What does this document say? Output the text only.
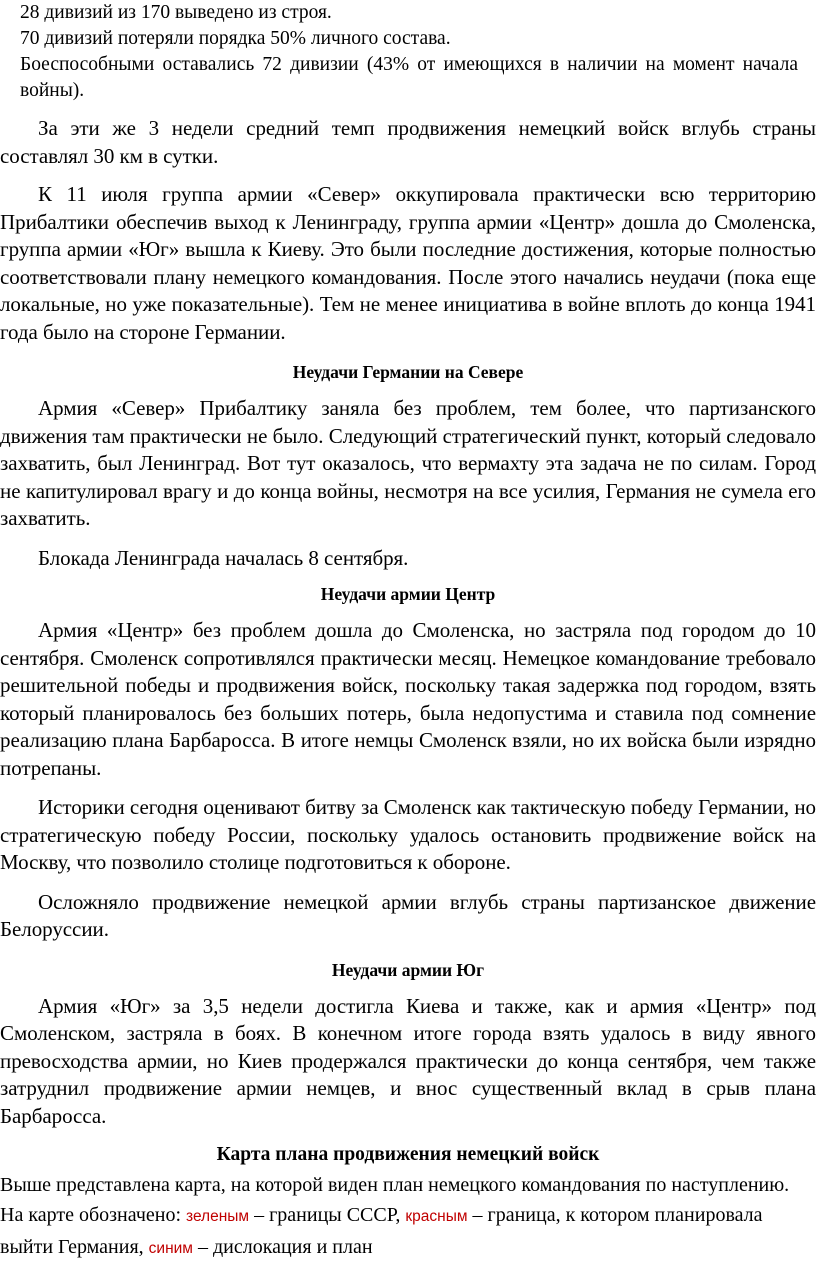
28 дивизий из 170 выведено из строя.

70 дивизий потеряли порядка 50% личного состава.

Боеспособными оставались 72 дивизии (43% от имеющихся в наличии на момент начала войны).

За эти же 3 недели средний темп продвижения немецкий войск вглубь страны составлял 30 км в сутки.

К 11 июля группа армии «Север» оккупировала практически всю территорию Прибалтики обеспечив выход к Ленинграду, группа армии «Центр» дошла до Смоленска, группа армии «Юг» вышла к Киеву. Это были последние достижения, которые полностью соответствовали плану немецкого командования. После этого начались неудачи (пока еще локальные, но уже показательные). Тем не менее инициатива в войне вплоть до конца 1941 года было на стороне Германии.

Неудачи Германии на Севере

Армия «Север» Прибалтику заняла без проблем, тем более, что партизанского движения там практически не было. Следующий стратегический пункт, который следовало захватить, был Ленинград. Вот тут оказалось, что вермахту эта задача не по силам. Город не капитулировал врагу и до конца войны, несмотря на все усилия, Германия не сумела его захватить.

Блокада Ленинграда началась 8 сентября.

Неудачи армии Центр

Армия «Центр» без проблем дошла до Смоленска, но застряла под городом до 10 сентября. Смоленск сопротивлялся практически месяц. Немецкое командование требовало решительной победы и продвижения войск, поскольку такая задержка под городом, взять который планировалось без больших потерь, была недопустима и ставила под сомнение реализацию плана Барбаросса. В итоге немцы Смоленск взяли, но их войска были изрядно потрепаны.

Историки сегодня оценивают битву за Смоленск как тактическую победу Германии, но стратегическую победу России, поскольку удалось остановить продвижение войск на Москву, что позволило столице подготовиться к обороне.

Осложняло продвижение немецкой армии вглубь страны партизанское движение Белоруссии.

Неудачи армии Юг

Армия «Юг» за 3,5 недели достигла Киева и также, как и армия «Центр» под Смоленском, застряла в боях. В конечном итоге города взять удалось в виду явного превосходства армии, но Киев продержался практически до конца сентября, чем также затруднил продвижение армии немцев, и внос существенный вклад в срыв плана Барбаросса.

Карта плана продвижения немецкий войск

Выше представлена карта, на которой виден план немецкого командования по наступлению. На карте обозначено: зеленым – границы СССР, красным – граница, к котором планировала выйти Германия, синим – дислокация и план
